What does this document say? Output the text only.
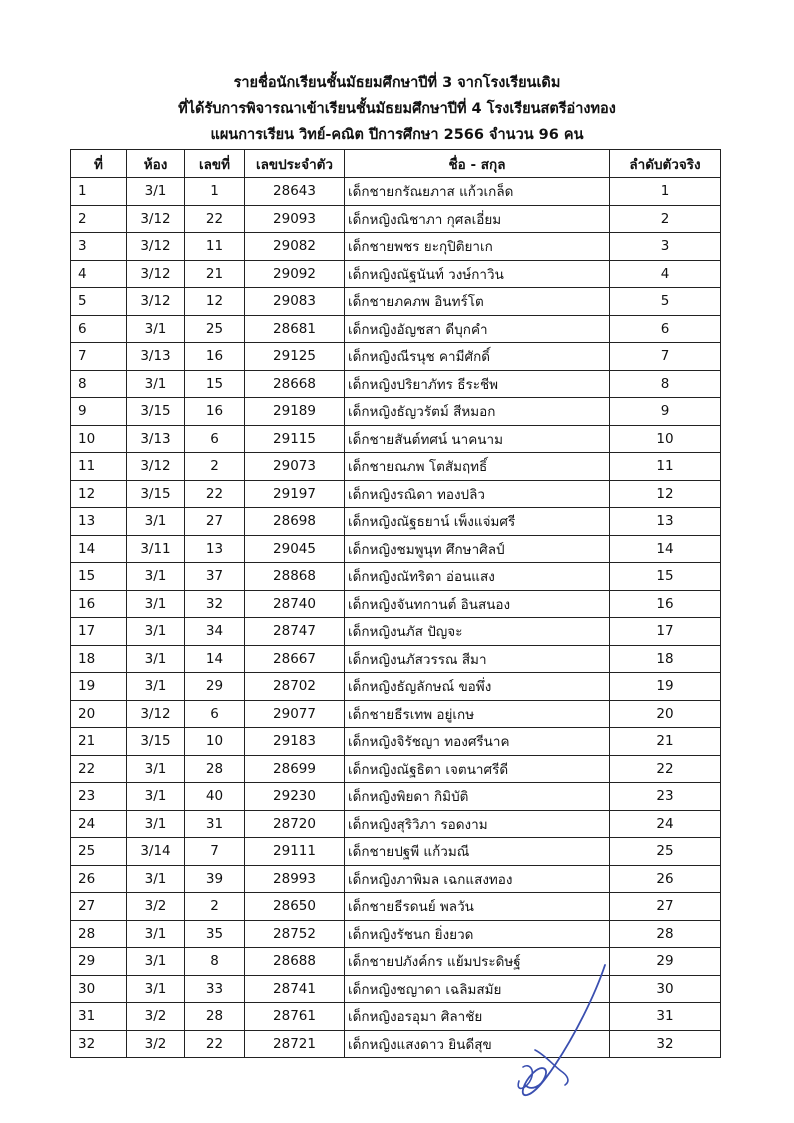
รายชื่อนักเรียนชั้นมัธยมศึกษาปีที่ 3 จากโรงเรียนเดิม
ที่ได้รับการพิจารณาเข้าเรียนชั้นมัธยมศึกษาปีที่ 4 โรงเรียนสตรีอ่างทอง
แผนการเรียน วิทย์-คณิต ปีการศึกษา 2566 จำนวน 96 คน
ที่	ห้อง	เลขที่	เลขประจำตัว	ชื่อ - สกุล	ลำดับตัวจริง
1	3/1	1	28643	เด็กชายกรัณยภาส แก้วเกล็ด	1
2	3/12	22	29093	เด็กหญิงณิชาภา กุศลเอี่ยม	2
3	3/12	11	29082	เด็กชายพชร ยะกุปิติยาเก	3
4	3/12	21	29092	เด็กหญิงณัฐนันท์ วงษ์กาวิน	4
5	3/12	12	29083	เด็กชายภคภพ อินทร์โต	5
6	3/1	25	28681	เด็กหญิงอัญชสา ดีบุกคำ	6
7	3/13	16	29125	เด็กหญิงณีรนุช คามีศักดิ์	7
8	3/1	15	28668	เด็กหญิงปริยาภัทร ธีระชีพ	8
9	3/15	16	29189	เด็กหญิงธัญวรัตม์ สีหมอก	9
10	3/13	6	29115	เด็กชายสันต์ทศน์ นาคนาม	10
11	3/12	2	29073	เด็กชายณภพ โตสัมฤทธิ์	11
12	3/15	22	29197	เด็กหญิงรณิดา ทองปลิว	12
13	3/1	27	28698	เด็กหญิงณัฐธยาน์ เพ็งแจ่มศรี	13
14	3/11	13	29045	เด็กหญิงชมพูนุท ศึกษาศิลป์	14
15	3/1	37	28868	เด็กหญิงณัทริดา อ่อนแสง	15
16	3/1	32	28740	เด็กหญิงจันทกานต์ อินสนอง	16
17	3/1	34	28747	เด็กหญิงนภัส ปัญจะ	17
18	3/1	14	28667	เด็กหญิงนภัสวรรณ สีมา	18
19	3/1	29	28702	เด็กหญิงธัญลักษณ์ ขอพึ่ง	19
20	3/12	6	29077	เด็กชายธีรเทพ อยู่เกษ	20
21	3/15	10	29183	เด็กหญิงจิรัชญา ทองศรีนาค	21
22	3/1	28	28699	เด็กหญิงณัฐธิตา เจตนาศรีดี	22
23	3/1	40	29230	เด็กหญิงพิยดา กิมิบัติ	23
24	3/1	31	28720	เด็กหญิงสุริวิภา รอดงาม	24
25	3/14	7	29111	เด็กชายปฐพี แก้วมณี	25
26	3/1	39	28993	เด็กหญิงภาพิมล เฉกแสงทอง	26
27	3/2	2	28650	เด็กชายธีรดนย์ พลวัน	27
28	3/1	35	28752	เด็กหญิงรัชนก ยิ่งยวด	28
29	3/1	8	28688	เด็กชายปภังค์กร แย้มประดิษฐ์	29
30	3/1	33	28741	เด็กหญิงชญาดา เฉลิมสมัย	30
31	3/2	28	28761	เด็กหญิงอรอุมา ศิลาชัย	31
32	3/2	22	28721	เด็กหญิงแสงดาว ยินดีสุข	32
